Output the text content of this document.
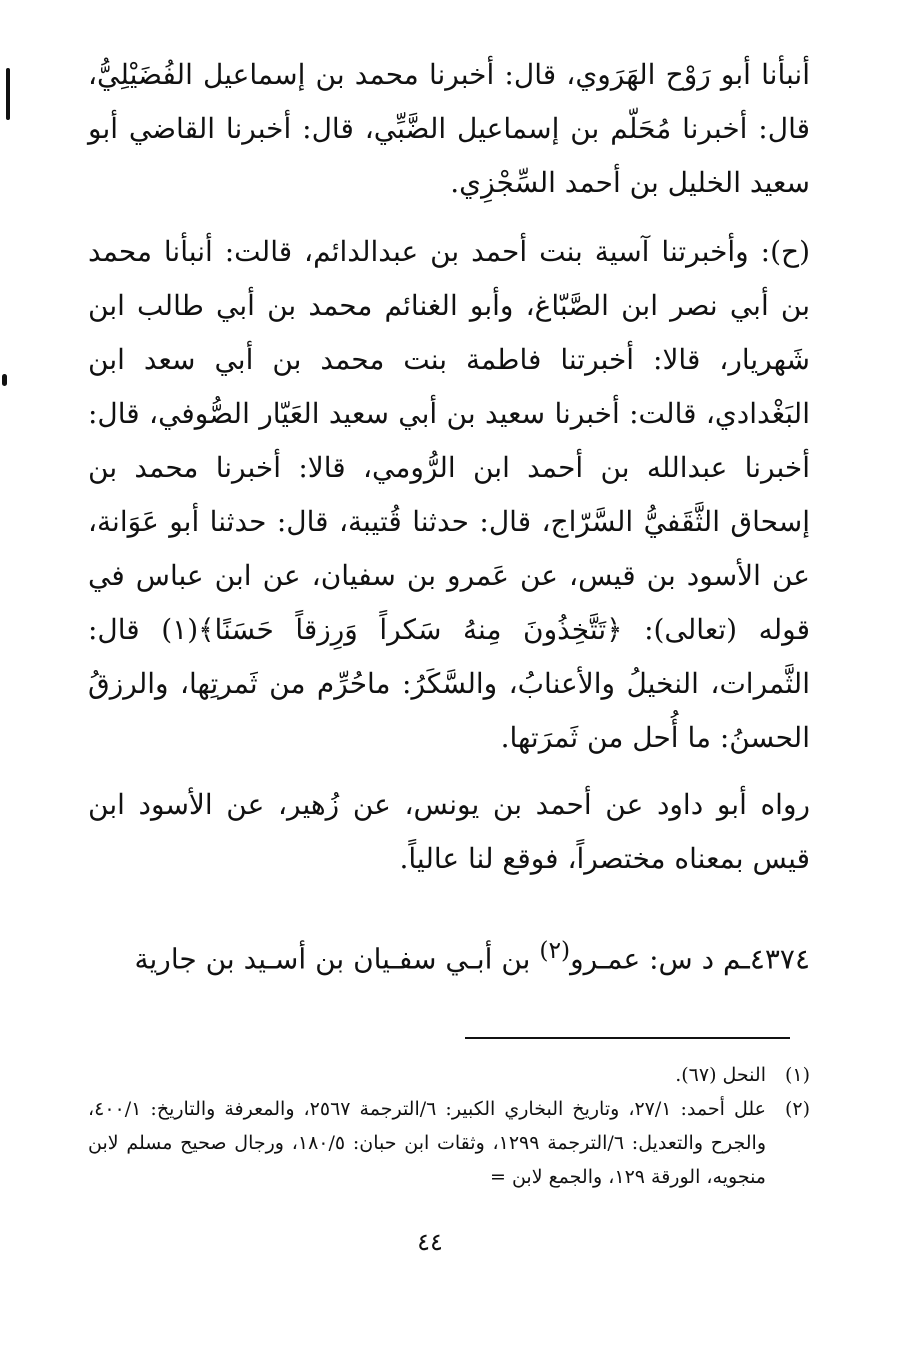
أنبأنا أبو رَوْح الهَرَوي، قال: أخبرنا محمد بن إسماعيل الفُضَيْلِيُّ، قال: أخبرنا مُحَلّم بن إسماعيل الضَّبِّي، قال: أخبرنا القاضي أبو سعيد الخليل بن أحمد السِّجْزِي.

(ح): وأخبرتنا آسية بنت أحمد بن عبدالدائم، قالت: أنبأنا محمد بن أبي نصر ابن الصَّبّاغ، وأبو الغنائم محمد بن أبي طالب ابن شَهريار، قالا: أخبرتنا فاطمة بنت محمد بن أبي سعد ابن البَغْدادي، قالت: أخبرنا سعيد بن أبي سعيد العَيّار الصُّوفي، قال: أخبرنا عبدالله بن أحمد ابن الرُّومي، قالا: أخبرنا محمد بن إسحاق الثَّقَفيُّ السَّرّاج، قال: حدثنا قُتيبة، قال: حدثنا أبو عَوَانة، عن الأسود بن قيس، عن عَمرو بن سفيان، عن ابن عباس في قوله (تعالى): ﴿تَتَّخِذُونَ مِنهُ سَكراً وَرِزقاً حَسَنًا﴾(١) قال: الثَّمرات، النخيلُ والأعنابُ، والسَّكَرُ: ماحُرِّم من ثَمرتِها، والرزقُ الحسنُ: ما أُحل من ثَمرَتها.

رواه أبو داود عن أحمد بن يونس، عن زُهير، عن الأسود ابن قيس بمعناه مختصراً، فوقع لنا عالياً.

٤٣٧٤ـم د س: عمـرو$^{(٢)}$ بن أبـي سفـيان بن أسـيد بن جارية
(١)
النحل (٦٧).
(٢)
علل أحمد: ٢٧/١، وتاريخ البخاري الكبير: ٦/الترجمة ٢٥٦٧، والمعرفة والتاريخ: ٤٠٠/١، والجرح والتعديل: ٦/الترجمة ١٢٩٩، وثقات ابن حبان: ١٨٠/٥، ورجال صحيح مسلم لابن منجويه، الورقة ١٢٩، والجمع لابن =
٤٤
